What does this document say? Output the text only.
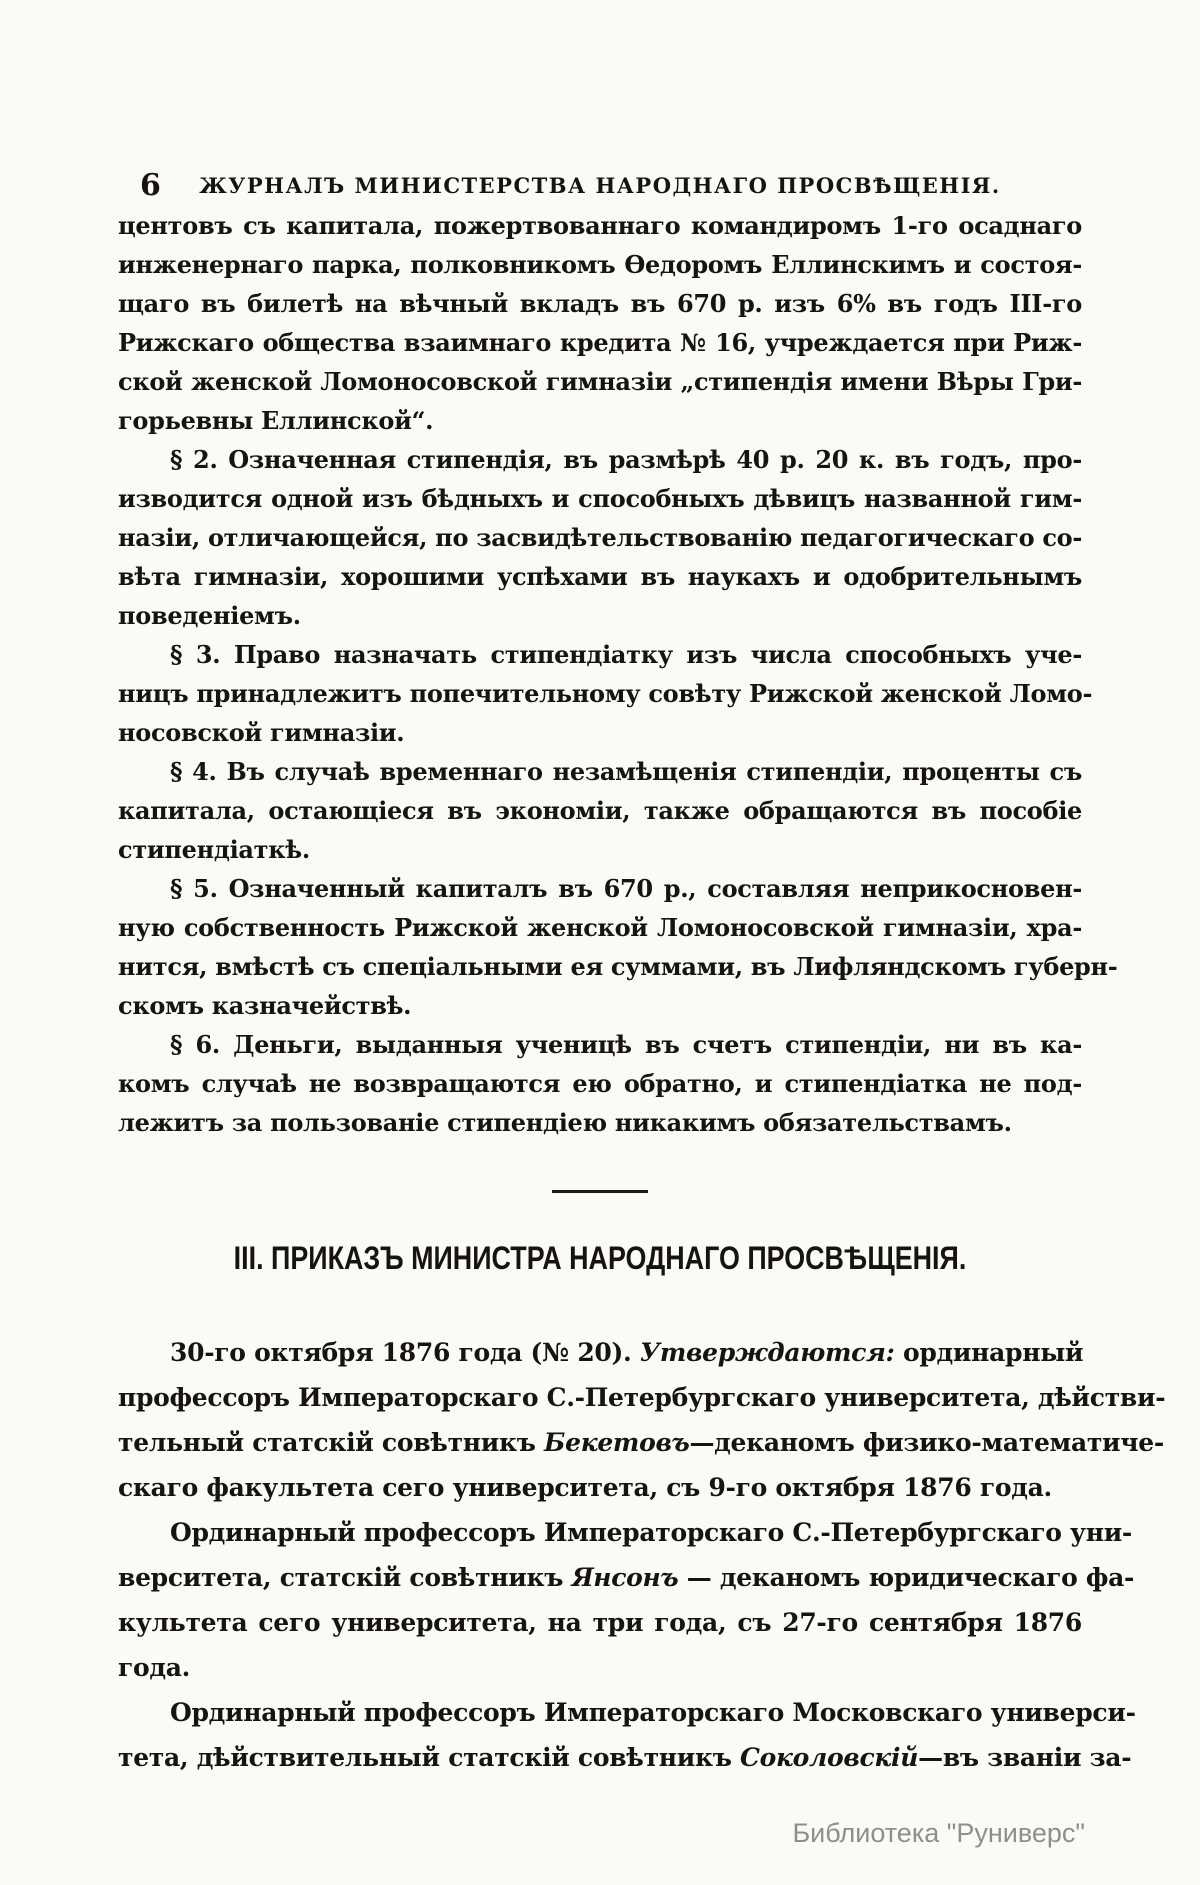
6	ЖУРНАЛЪ МИНИСТЕРСТВА НАРОДНАГО ПРОСВѢЩЕНІЯ.
центовъ съ капитала, пожертвованнаго командиромъ 1-го осаднаго
инженернаго парка, полковникомъ Ѳедоромъ Еллинскимъ и состоя-
щаго въ билетѣ на вѣчный вкладъ въ 670 р. изъ 6% въ годъ III-го
Рижскаго общества взаимнаго кредита № 16, учреждается при Риж-
ской женской Ломоносовской гимназіи „стипендія имени Вѣры Гри-
горьевны Еллинской“.
§ 2. Означенная стипендія, въ размѣрѣ 40 р. 20 к. въ годъ, про-
изводится одной изъ бѣдныхъ и способныхъ дѣвицъ названной гим-
назіи, отличающейся, по засвидѣтельствованію педагогическаго со-
вѣта гимназіи, хорошими успѣхами въ наукахъ и одобрительнымъ
поведеніемъ.
§ 3. Право назначать стипендіатку изъ числа способныхъ уче-
ницъ принадлежитъ попечительному совѣту Рижской женской Ломо-
носовской гимназіи.
§ 4. Въ случаѣ временнаго незамѣщенія стипендіи, проценты съ
капитала, остающіеся въ экономіи, также обращаются въ пособіе
стипендіаткѣ.
§ 5. Означенный капиталъ въ 670 р., составляя неприкосновен-
ную собственность Рижской женской Ломоносовской гимназіи, хра-
нится, вмѣстѣ съ спеціальными ея суммами, въ Лифляндскомъ губерн-
скомъ казначействѣ.
§ 6. Деньги, выданныя ученицѣ въ счетъ стипендіи, ни въ ка-
комъ случаѣ не возвращаются ею обратно, и стипендіатка не под-
лежитъ за пользованіе стипендіею никакимъ обязательствамъ.
III. ПРИКАЗЪ МИНИСТРА НАРОДНАГО ПРОСВѢЩЕНІЯ.
30-го октября 1876 года (№ 20). Утверждаются: ординарный
профессоръ Императорскаго С.-Петербургскаго университета, дѣйстви-
тельный статскій совѣтникъ Бекетовъ—деканомъ физико-математиче-
скаго факультета сего университета, съ 9-го октября 1876 года.
Ординарный профессоръ Императорскаго С.-Петербургскаго уни-
верситета, статскій совѣтникъ Янсонъ — деканомъ юридическаго фа-
культета сего университета, на три года, съ 27-го сентября 1876
года.
Ординарный профессоръ Императорскаго Московскаго универси-
тета, дѣйствительный статскій совѣтникъ Соколовскій—въ званіи за-
Библиотека "Руниверс"
